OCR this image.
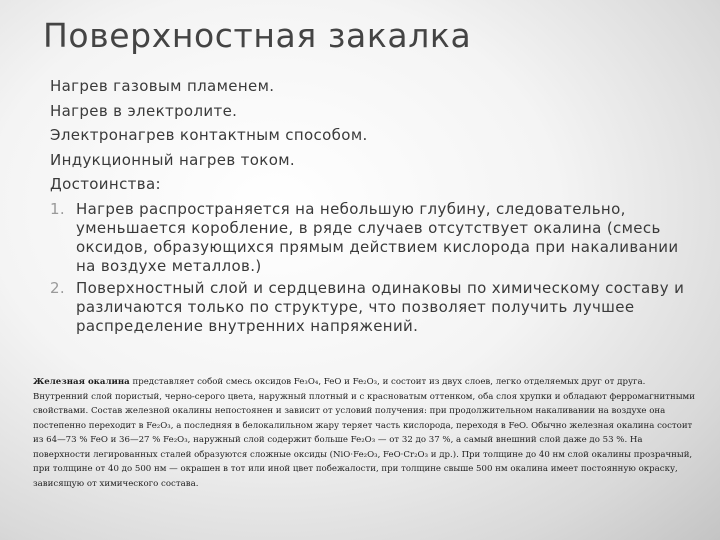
Поверхностная закалка
Нагрев газовым пламенем.
Нагрев в электролите.
Электронагрев контактным способом.
Индукционный нагрев током.
Достоинства:
1. Нагрев распространяется на небольшую глубину, следовательно, уменьшается коробление, в ряде случаев отсутствует окалина (смесь оксидов, образующихся прямым действием кислорода при накаливании на воздухе металлов.)
2. Поверхностный слой и сердцевина одинаковы по химическому составу и различаются только по структуре, что позволяет получить лучшее распределение внутренних напряжений.
Железная окалина представляет собой смесь оксидов Fe₃O₄, FeO и Fe₂O₃, и состоит из двух слоев, легко отделяемых друг от друга. Внутренний слой пористый, черно-серого цвета, наружный плотный и с красноватым оттенком, оба слоя хрупки и обладают ферромагнитными свойствами. Состав железной окалины непостоянен и зависит от условий получения: при продолжительном накаливании на воздухе она постепенно переходит в Fe₂O₃, а последняя в белокалильном жару теряет часть кислорода, переходя в FeO. Обычно железная окалина состоит из 64—73 % FeO и 36—27 % Fe₂O₃, наружный слой содержит больше Fe₂O₃ — от 32 до 37 %, а самый внешний слой даже до 53 %. На поверхности легированных сталей образуются сложные оксиды (NiO·Fe₂O₃, FeO·Cr₂O₃ и др.). При толщине до 40 нм слой окалины прозрачный, при толщине от 40 до 500 нм — окрашен в тот или иной цвет побежалости, при толщине свыше 500 нм окалина имеет постоянную окраску, зависящую от химического состава.
